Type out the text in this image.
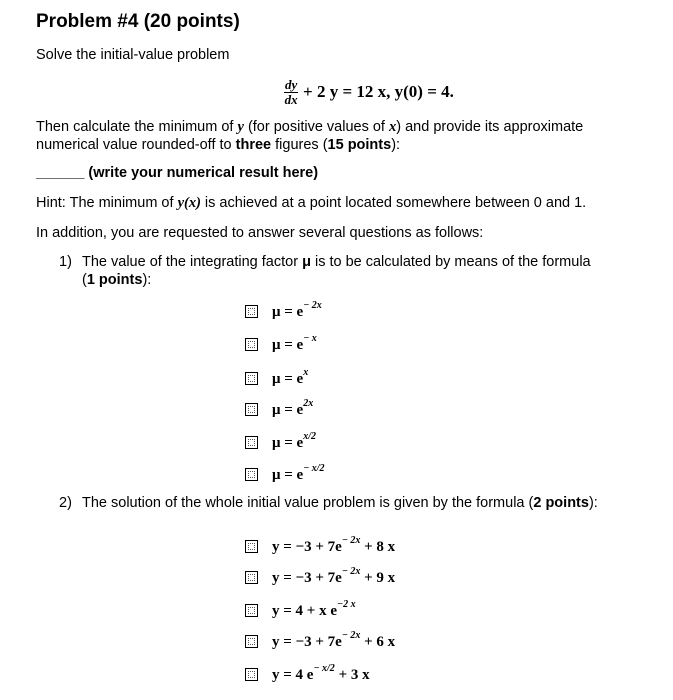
Problem #4 (20 points)
Solve the initial-value problem
$\frac{dy}{dx} + 2$ y = 12 x, y(0) = 4.
Then calculate the minimum of y (for positive values of x) and provide its approximate
numerical value rounded-off to three figures (15 points):
______ (write your numerical result here)
Hint: The minimum of y(x) is achieved at a point located somewhere between 0 and 1.
In addition, you are requested to answer several questions as follows:
1) The value of the integrating factor μ is to be calculated by means of the formula
(1 points):
$\mu = e^{- 2x}$
$\mu = e^{- x}$
$\mu = e^x$
$\mu = e^{2x}$
$\mu = e^{x/2}$
$\mu = e^{- x/2}$
2) The solution of the whole initial value problem is given by the formula (2 points):
$y = -3 + 7e^{- 2x} + 8$ x
$y = -3 + 7e^{- 2x} + 9$ x
y = 4 + x $e^{-2 x}$
$y = -3 + 7e^{- 2x} + 6$ x
y = 4 $e^{- x/2} + 3$ x
